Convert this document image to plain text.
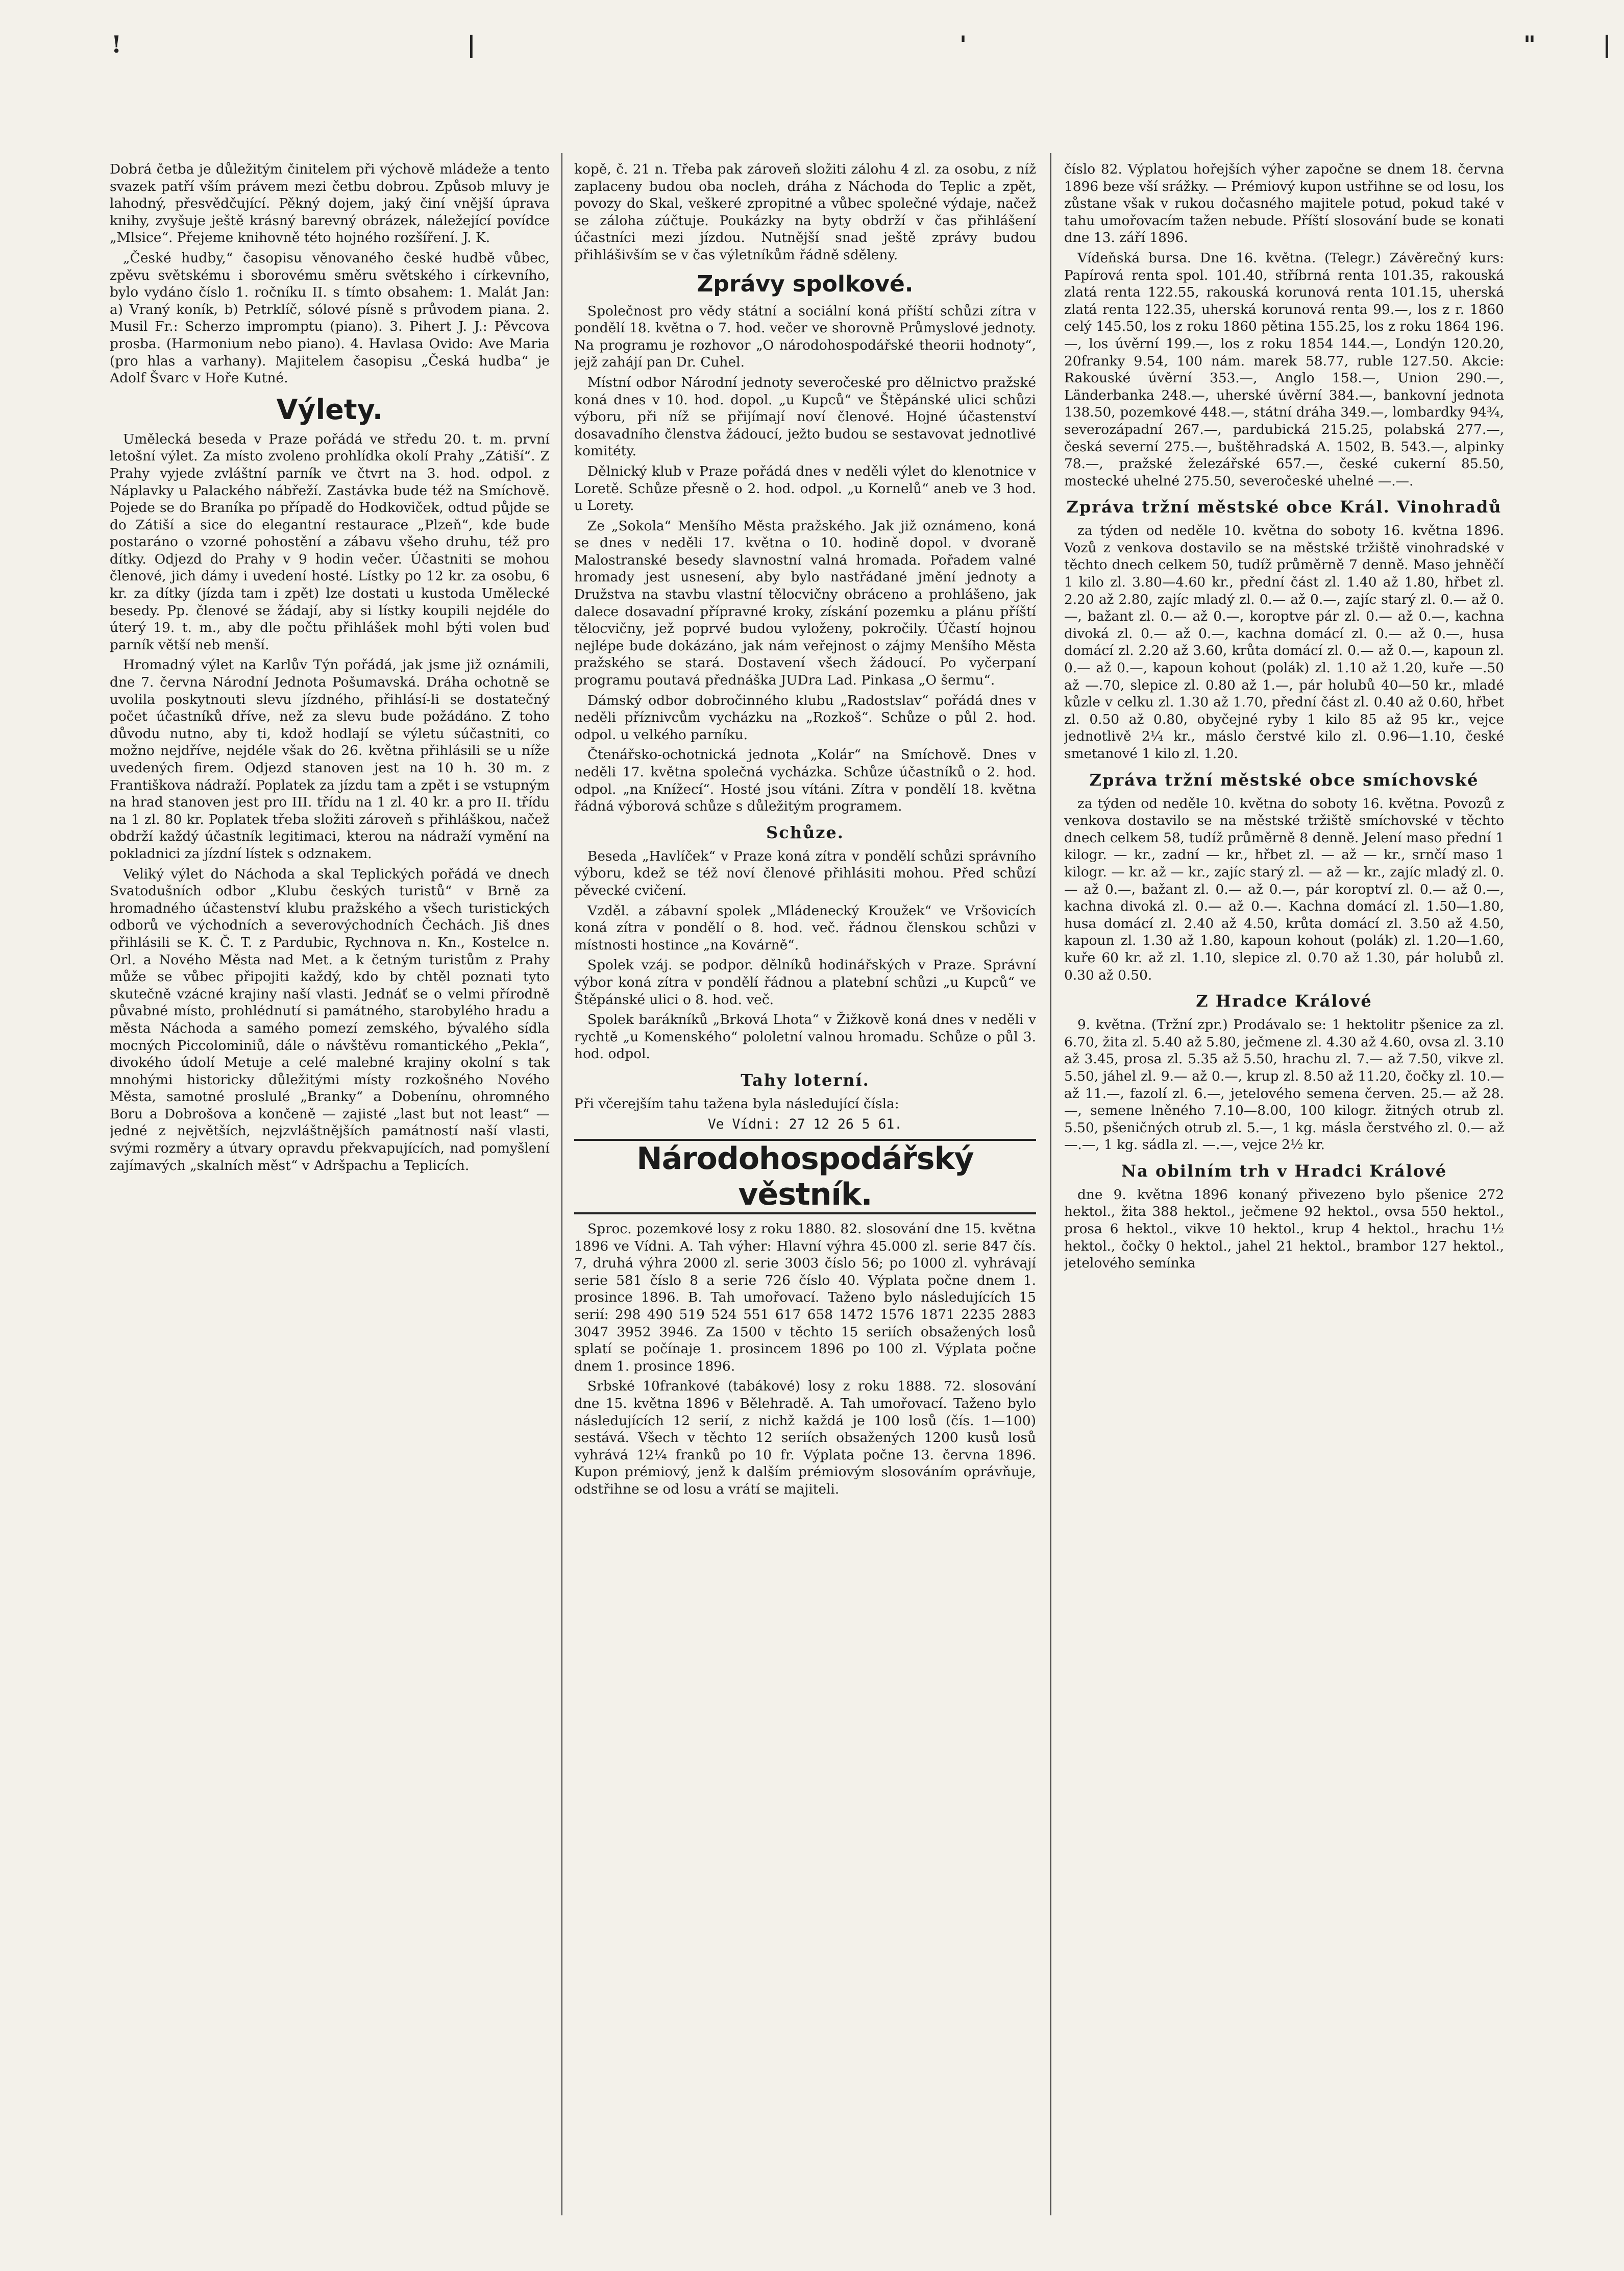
!	|	'	"	|

Dobrá četba je důležitým činitelem při výchově mládeže a tento svazek patří vším právem mezi četbu dobrou. Způsob mluvy je lahodný, přesvědčující. Pěkný dojem, jaký činí vnější úprava knihy, zvyšuje ještě krásný barevný obrázek, náležející povídce „Mlsice“. Přejeme knihovně této hojného rozšíření. J. K.

„České hudby,“ časopisu věnovaného české hudbě vůbec, zpěvu světskému i sborovému směru světského i církevního, bylo vydáno číslo 1. ročníku II. s tímto obsahem: 1. Malát Jan: a) Vraný koník, b) Petrklíč, sólové písně s průvodem piana. 2. Musil Fr.: Scherzo impromptu (piano). 3. Pihert J. J.: Pěvcova prosba. (Harmonium nebo piano). 4. Havlasa Ovido: Ave Maria (pro hlas a varhany). Majitelem časopisu „Česká hudba“ je Adolf Švarc v Hoře Kutné.

Výlety.

Umělecká beseda v Praze pořádá ve středu 20. t. m. první letošní výlet. Za místo zvoleno prohlídka okolí Prahy „Zátiší“. Z Prahy vyjede zvláštní parník ve čtvrt na 3. hod. odpol. z Náplavky u Palackého nábřeží. Zastávka bude též na Smíchově. Pojede se do Braníka po případě do Hodkoviček, odtud půjde se do Zátiší a sice do elegantní restaurace „Plzeň“, kde bude postaráno o vzorné pohostění a zábavu všeho druhu, též pro dítky. Odjezd do Prahy v 9 hodin večer. Účastniti se mohou členové, jich dámy i uvedení hosté. Lístky po 12 kr. za osobu, 6 kr. za dítky (jízda tam i zpět) lze dostati u kustoda Umělecké besedy. Pp. členové se žádají, aby si lístky koupili nejdéle do úterý 19. t. m., aby dle počtu přihlášek mohl býti volen buď parník větší neb menší.

Hromadný výlet na Karlův Týn pořádá, jak jsme již oznámili, dne 7. června Národní Jednota Pošumavská. Dráha ochotně se uvolila poskytnouti slevu jízdného, přihlásí-li se dostatečný počet účastníků dříve, než za slevu bude požádáno. Z toho důvodu nutno, aby ti, kdož hodlají se výletu súčastniti, co možno nejdříve, nejdéle však do 26. května přihlásili se u níže uvedených firem. Odjezd stanoven jest na 10 h. 30 m. z Františkova nádraží. Poplatek za jízdu tam a zpět i se vstupným na hrad stanoven jest pro III. třídu na 1 zl. 40 kr. a pro II. třídu na 1 zl. 80 kr. Poplatek třeba složiti zároveň s přihláškou, načež obdrží každý účastník legitimaci, kterou na nádraží vymění na pokladnici za jízdní lístek s odznakem.

Veliký výlet do Náchoda a skal Teplických pořádá ve dnech Svatodušních odbor „Klubu českých turistů“ v Brně za hromadného účastenství klubu pražského a všech turistických odborů ve východních a severovýchodních Čechách. Jiš dnes přihlásili se K. Č. T. z Pardubic, Rychnova n. Kn., Kostelce n. Orl. a Nového Města nad Met. a k četným turistům z Prahy může se vůbec připojiti každý, kdo by chtěl poznati tyto skutečně vzácné krajiny naší vlasti. Jednáť se o velmi přírodně půvabné místo, prohlédnutí si památného, starobylého hradu a města Náchoda a samého pomezí zemského, bývalého sídla mocných Piccolominiů, dále o návštěvu romantického „Pekla“, divokého údolí Metuje a celé malebné krajiny okolní s tak mnohými historicky důležitými místy rozkošného Nového Města, samotné proslulé „Branky“ a Dobenínu, ohromného Boru a Dobrošova a končeně — zajisté „last but not least“ — jedné z největších, nejzvláštnějších památností naší vlasti, svými rozměry a útvary opravdu překvapujících, nad pomyšlení zajímavých „skalních měst“ v Adršpachu a Teplicích.

kopě, č. 21 n. Třeba pak zároveň složiti zálohu 4 zl. za osobu, z níž zaplaceny budou oba nocleh, dráha z Náchoda do Teplic a zpět, povozy do Skal, veškeré zpropitné a vůbec společné výdaje, načež se záloha zúčtuje. Poukázky na byty obdrží v čas přihlášení účastníci mezi jízdou. Nutnější snad ještě zprávy budou přihlášivším se v čas výletníkům řádně sděleny.

Zprávy spolkové.

Společnost pro vědy státní a sociální koná příští schůzi zítra v pondělí 18. května o 7. hod. večer ve shorovně Průmyslové jednoty. Na programu je rozhovor „O národohospodářské theorii hodnoty“, jejž zahájí pan Dr. Cuhel.

Místní odbor Národní jednoty severočeské pro dělnictvo pražské koná dnes v 10. hod. dopol. „u Kupců“ ve Štěpánské ulici schůzi výboru, při níž se přijímají noví členové. Hojné účastenství dosavadního členstva žádoucí, ježto budou se sestavovat jednotlivé komitéty.

Dělnický klub v Praze pořádá dnes v neděli výlet do klenotnice v Loretě. Schůze přesně o 2. hod. odpol. „u Kornelů“ aneb ve 3 hod. u Lorety.

Ze „Sokola“ Menšího Města pražského. Jak již oznámeno, koná se dnes v neděli 17. května o 10. hodině dopol. v dvoraně Malostranské besedy slavnostní valná hromada. Pořadem valné hromady jest usnesení, aby bylo nastřádané jmění jednoty a Družstva na stavbu vlastní tělocvičny obráceno a prohlášeno, jak dalece dosavadní přípravné kroky, získání pozemku a plánu příští tělocvičny, jež poprvé budou vyloženy, pokročily. Účastí hojnou nejlépe bude dokázáno, jak nám veřejnost o zájmy Menšího Města pražského se stará. Dostavení všech žádoucí. Po vyčerpaní programu poutavá přednáška JUDra Lad. Pinkasa „O šermu“.

Dámský odbor dobročinného klubu „Radostslav“ pořádá dnes v neděli příznivcům vycházku na „Rozkoš“. Schůze o půl 2. hod. odpol. u velkého parníku.

Čtenářsko-ochotnická jednota „Kolár“ na Smíchově. Dnes v neděli 17. května společná vycházka. Schůze účastníků o 2. hod. odpol. „na Knížecí“. Hosté jsou vítáni. Zítra v pondělí 18. května řádná výborová schůze s důležitým programem.

Schůze.

Beseda „Havlíček“ v Praze koná zítra v pondělí schůzi správního výboru, kdež se též noví členové přihlásiti mohou. Před schůzí pěvecké cvičení.

Vzděl. a zábavní spolek „Mládenecký Kroužek“ ve Vršovicích koná zítra v pondělí o 8. hod. več. řádnou členskou schůzi v místnosti hostince „na Kovárně“.

Spolek vzáj. se podpor. dělníků hodinářských v Praze. Správní výbor koná zítra v pondělí řádnou a platební schůzi „u Kupců“ ve Štěpánské ulici o 8. hod. več.

Spolek barákníků „Brková Lhota“ v Žižkově koná dnes v neděli v rychtě „u Komenského“ pololetní valnou hromadu. Schůze o půl 3. hod. odpol.

Tahy loterní.

Při včerejším tahu tažena byla následující čísla:

Ve Vídni: 27 12 26 5 61.
Národohospodářský věstník.

Sproc. pozemkové losy z roku 1880. 82. slosování dne 15. května 1896 ve Vídni. A. Tah výher: Hlavní výhra 45.000 zl. serie 847 čís. 7, druhá výhra 2000 zl. serie 3003 číslo 56; po 1000 zl. vyhrávají serie 581 číslo 8 a serie 726 číslo 40. Výplata počne dnem 1. prosince 1896. B. Tah umořovací. Taženo bylo následujících 15 serií: 298 490 519 524 551 617 658 1472 1576 1871 2235 2883 3047 3952 3946. Za 1500 v těchto 15 seriích obsažených losů splatí se počínaje 1. prosincem 1896 po 100 zl. Výplata počne dnem 1. prosince 1896.

Srbské 10frankové (tabákové) losy z roku 1888. 72. slosování dne 15. května 1896 v Bělehradě. A. Tah umořovací. Taženo bylo následujících 12 serií, z nichž každá je 100 losů (čís. 1—100) sestává. Všech v těchto 12 seriích obsažených 1200 kusů losů vyhrává 12¼ franků po 10 fr. Výplata počne 13. června 1896. Kupon prémiový, jenž k dalším prémiovým slosováním oprávňuje, odstřihne se od losu a vrátí se majiteli.

číslo 82. Výplatou hořejších výher započne se dnem 18. června 1896 beze vší srážky. — Prémiový kupon ustřihne se od losu, los zůstane však v rukou dočasného majitele potud, pokud také v tahu umořovacím tažen nebude. Příští slosování bude se konati dne 13. září 1896.

Vídeňská bursa. Dne 16. května. (Telegr.) Závěrečný kurs: Papírová renta spol. 101.40, stříbrná renta 101.35, rakouská zlatá renta 122.55, rakouská korunová renta 101.15, uherská zlatá renta 122.35, uherská korunová renta 99.—, los z r. 1860 celý 145.50, los z roku 1860 pětina 155.25, los z roku 1864 196.—, los úvěrní 199.—, los z roku 1854 144.—, Londýn 120.20, 20franky 9.54, 100 nám. marek 58.77, ruble 127.50. Akcie: Rakouské úvěrní 353.—, Anglo 158.—, Union 290.—, Länderbanka 248.—, uherské úvěrní 384.—, bankovní jednota 138.50, pozemkové 448.—, státní dráha 349.—, lombardky 94¾, severozápadní 267.—, pardubická 215.25, polabská 277.—, česká severní 275.—, buštěhradská A. 1502, B. 543.—, alpinky 78.—, pražské železářské 657.—, české cukerní 85.50, mostecké uhelné 275.50, severočeské uhelné —.—.

Zpráva tržní městské obce Král. Vinohradů

za týden od neděle 10. května do soboty 16. května 1896. Vozů z venkova dostavilo se na městské tržiště vinohradské v těchto dnech celkem 50, tudíž průměrně 7 denně. Maso jehněčí 1 kilo zl. 3.80—4.60 kr., přední část zl. 1.40 až 1.80, hřbet zl. 2.20 až 2.80, zajíc mladý zl. 0.— až 0.—, zajíc starý zl. 0.— až 0.—, bažant zl. 0.— až 0.—, koroptve pár zl. 0.— až 0.—, kachna divoká zl. 0.— až 0.—, kachna domácí zl. 0.— až 0.—, husa domácí zl. 2.20 až 3.60, krůta domácí zl. 0.— až 0.—, kapoun zl. 0.— až 0.—, kapoun kohout (polák) zl. 1.10 až 1.20, kuře —.50 až —.70, slepice zl. 0.80 až 1.—, pár holubů 40—50 kr., mladé kůzle v celku zl. 1.30 až 1.70, přední část zl. 0.40 až 0.60, hřbet zl. 0.50 až 0.80, obyčejné ryby 1 kilo 85 až 95 kr., vejce jednotlivě 2¼ kr., máslo čerstvé kilo zl. 0.96—1.10, české smetanové 1 kilo zl. 1.20.

Zpráva tržní městské obce smíchovské

za týden od neděle 10. května do soboty 16. května. Povozů z venkova dostavilo se na městské tržiště smíchovské v těchto dnech celkem 58, tudíž průměrně 8 denně. Jelení maso přední 1 kilogr. — kr., zadní — kr., hřbet zl. — až — kr., srnčí maso 1 kilogr. — kr. až — kr., zajíc starý zl. — až — kr., zajíc mladý zl. 0.— až 0.—, bažant zl. 0.— až 0.—, pár koroptví zl. 0.— až 0.—, kachna divoká zl. 0.— až 0.—. Kachna domácí zl. 1.50—1.80, husa domácí zl. 2.40 až 4.50, krůta domácí zl. 3.50 až 4.50, kapoun zl. 1.30 až 1.80, kapoun kohout (polák) zl. 1.20—1.60, kuře 60 kr. až zl. 1.10, slepice zl. 0.70 až 1.30, pár holubů zl. 0.30 až 0.50.

Z Hradce Králové

9. května. (Tržní zpr.) Prodávalo se: 1 hektolitr pšenice za zl. 6.70, žita zl. 5.40 až 5.80, ječmene zl. 4.30 až 4.60, ovsa zl. 3.10 až 3.45, prosa zl. 5.35 až 5.50, hrachu zl. 7.— až 7.50, vikve zl. 5.50, jáhel zl. 9.— až 0.—, krup zl. 8.50 až 11.20, čočky zl. 10.— až 11.—, fazolí zl. 6.—, jetelového semena červen. 25.— až 28.—, semene lněného 7.10—8.00, 100 kilogr. žitných otrub zl. 5.50, pšeničných otrub zl. 5.—, 1 kg. másla čerstvého zl. 0.— až —.—, 1 kg. sádla zl. —.—, vejce 2½ kr.

Na obilním trh v Hradci Králové

dne 9. května 1896 konaný přivezeno bylo pšenice 272 hektol., žita 388 hektol., ječmene 92 hektol., ovsa 550 hektol., prosa 6 hektol., vikve 10 hektol., krup 4 hektol., hrachu 1½ hektol., čočky 0 hektol., jahel 21 hektol., brambor 127 hektol., jetelového semínka
